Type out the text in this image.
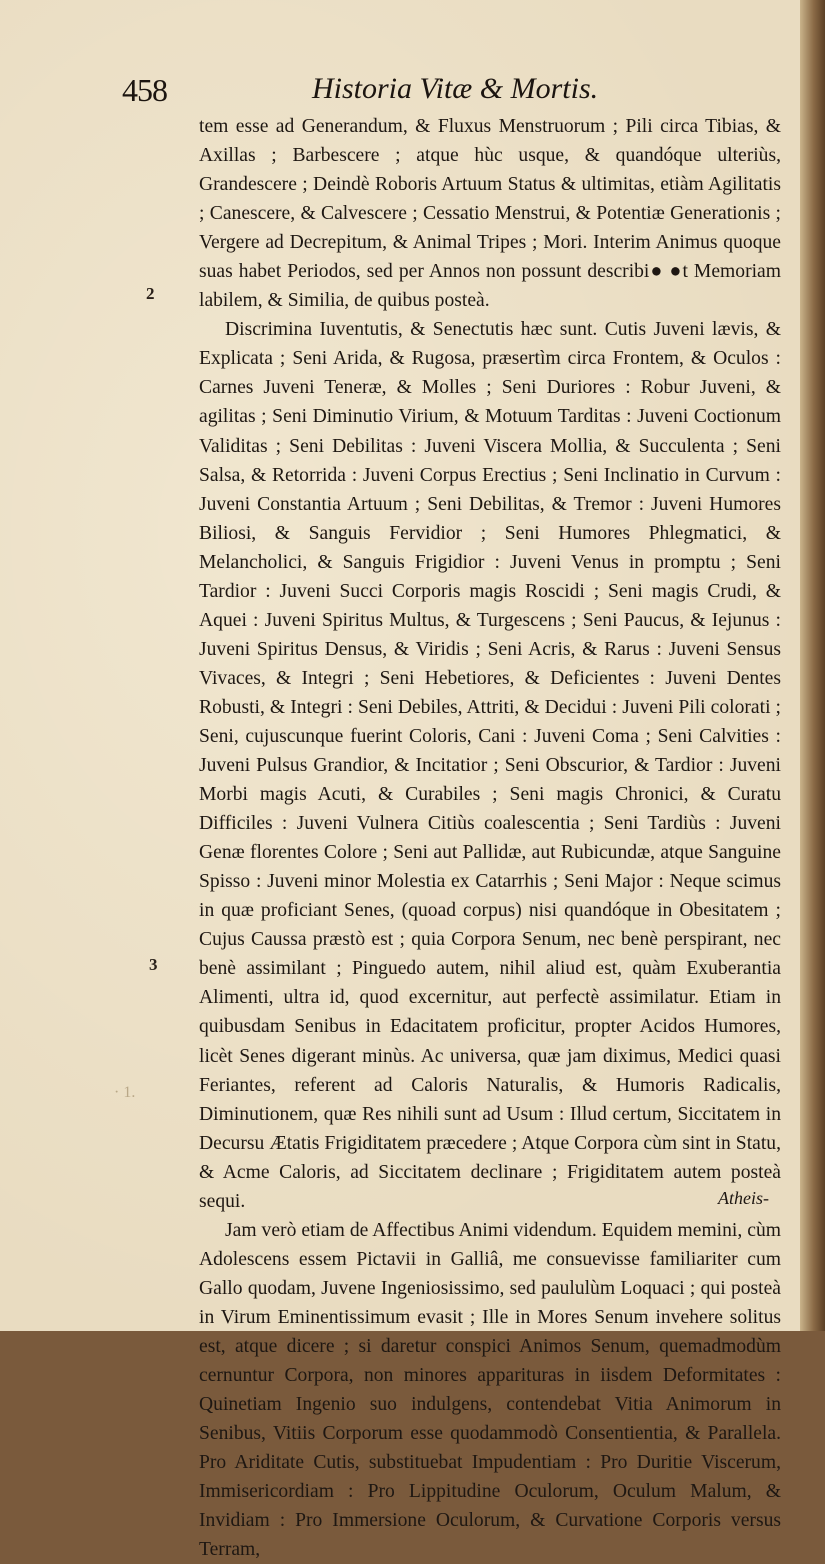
458	Historia Vitæ & Mortis.
2
3
· 1.

tem esse ad Generandum, & Fluxus Menstruorum ; Pili circa Tibias, & Axillas ; Barbescere ; atque hùc usque, & quandóque ulteriùs, Grandescere ; Deindè Roboris Artuum Status & ultimitas, etiàm Agilitatis ; Canescere, & Calvescere ; Cessatio Menstrui, & Potentiæ Generationis ; Vergere ad Decrepitum, & Animal Tripes ; Mori. Interim Animus quoque suas habet Periodos, sed per Annos non possunt describi● ●t Memoriam labilem, & Similia, de quibus posteà.

Discrimina Iuventutis, & Senectutis hæc sunt. Cutis Juveni lævis, & Explicata ; Seni Arida, & Rugosa, præsertìm circa Frontem, & Oculos : Carnes Juveni Teneræ, & Molles ; Seni Duriores : Robur Juveni, & agilitas ; Seni Diminutio Virium, & Motuum Tarditas : Juveni Coctionum Validitas ; Seni Debilitas : Juveni Viscera Mollia, & Succulenta ; Seni Salsa, & Retorrida : Juveni Corpus Erectius ; Seni Inclinatio in Curvum : Juveni Constantia Artuum ; Seni Debilitas, & Tremor : Juveni Humores Biliosi, & Sanguis Fervidior ; Seni Humores Phlegmatici, & Melancholici, & Sanguis Frigidior : Juveni Venus in promptu ; Seni Tardior : Juveni Succi Corporis magis Roscidi ; Seni magis Crudi, & Aquei : Juveni Spiritus Multus, & Turgescens ; Seni Paucus, & Iejunus : Juveni Spiritus Densus, & Viridis ; Seni Acris, & Rarus : Juveni Sensus Vivaces, & Integri ; Seni Hebetiores, & Deficientes : Juveni Dentes Robusti, & Integri : Seni Debiles, Attriti, & Decidui : Juveni Pili colorati ; Seni, cujuscunque fuerint Coloris, Cani : Juveni Coma ; Seni Calvities : Juveni Pulsus Grandior, & Incitatior ; Seni Obscurior, & Tardior : Juveni Morbi magis Acuti, & Curabiles ; Seni magis Chronici, & Curatu Difficiles : Juveni Vulnera Citiùs coalescentia ; Seni Tardiùs : Juveni Genæ florentes Colore ; Seni aut Pallidæ, aut Rubicundæ, atque Sanguine Spisso : Juveni minor Molestia ex Catarrhis ; Seni Major : Neque scimus in quæ proficiant Senes, (quoad corpus) nisi quandóque in Obesitatem ; Cujus Caussa præstò est ; quia Corpora Senum, nec benè perspirant, nec benè assimilant ; Pinguedo autem, nihil aliud est, quàm Exuberantia Alimenti, ultra id, quod excernitur, aut perfectè assimilatur. Etiam in quibusdam Senibus in Edacitatem proficitur, propter Acidos Humores, licèt Senes digerant minùs. Ac universa, quæ jam diximus, Medici quasi Feriantes, referent ad Caloris Naturalis, & Humoris Radicalis, Diminutionem, quæ Res nihili sunt ad Usum : Illud certum, Siccitatem in Decursu Ætatis Frigiditatem præcedere ; Atque Corpora cùm sint in Statu, & Acme Caloris, ad Siccitatem declinare ; Frigiditatem autem posteà sequi.

Jam verò etiam de Affectibus Animi videndum. Equidem memini, cùm Adolescens essem Pictavii in Galliâ, me consuevisse familiariter cum Gallo quodam, Juvene Ingeniosissimo, sed paululùm Loquaci ; qui posteà in Virum Eminentissimum evasit ; Ille in Mores Senum invehere solitus est, atque dicere ; si daretur conspici Animos Senum, quemadmodùm cernuntur Corpora, non minores apparituras in iisdem Deformitates : Quinetiam Ingenio suo indulgens, contendebat Vitia Animorum in Senibus, Vitiis Corporum esse quodammodò Consentientia, & Parallela. Pro Ariditate Cutis, substituebat Impudentiam : Pro Duritie Viscerum, Immisericordiam : Pro Lippitudine Oculorum, Oculum Malum, & Invidiam : Pro Immersione Oculorum, & Curvatione Corporis versus Terram,

Atheis-
